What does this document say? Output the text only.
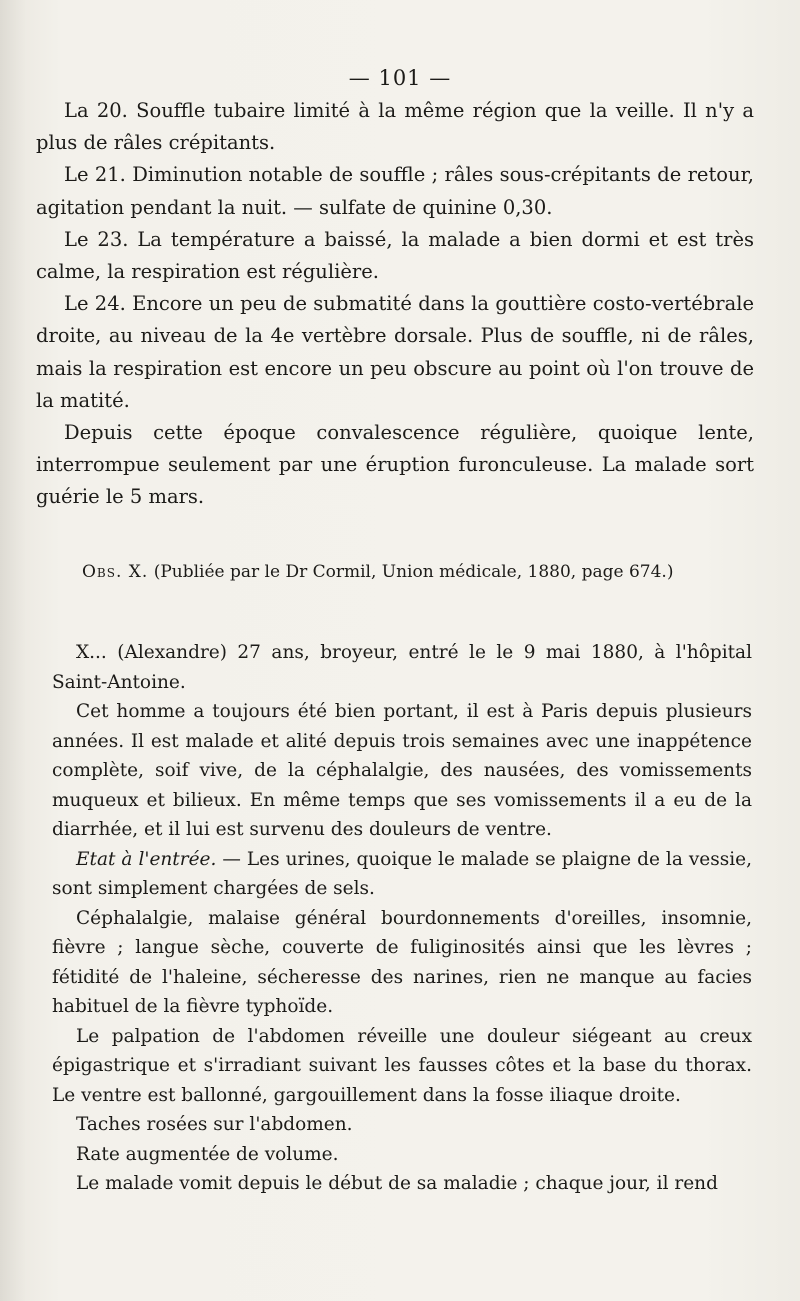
— 101 —

La 20. Souffle tubaire limité à la même région que la veille. Il n'y a plus de râles crépitants.

Le 21. Diminution notable de souffle ; râles sous-crépitants de retour, agitation pendant la nuit. — sulfate de quinine 0,30.

Le 23. La température a baissé, la malade a bien dormi et est très calme, la respiration est régulière.

Le 24. Encore un peu de submatité dans la gouttière costo-vertébrale droite, au niveau de la 4e vertèbre dorsale. Plus de souffle, ni de râles, mais la respiration est encore un peu obscure au point où l'on trouve de la matité.

Depuis cette époque convalescence régulière, quoique lente, interrompue seulement par une éruption furonculeuse. La malade sort guérie le 5 mars.

Obs. X. (Publiée par le Dr Cormil, Union médicale, 1880, page 674.)

X... (Alexandre) 27 ans, broyeur, entré le le 9 mai 1880, à l'hôpital Saint-Antoine.

Cet homme a toujours été bien portant, il est à Paris depuis plusieurs années. Il est malade et alité depuis trois semaines avec une inappétence complète, soif vive, de la céphalalgie, des nausées, des vomissements muqueux et bilieux. En même temps que ses vomissements il a eu de la diarrhée, et il lui est survenu des douleurs de ventre.

Etat à l'entrée. — Les urines, quoique le malade se plaigne de la vessie, sont simplement chargées de sels.

Céphalalgie, malaise général bourdonnements d'oreilles, insomnie, fièvre ; langue sèche, couverte de fuliginosités ainsi que les lèvres ; fétidité de l'haleine, sécheresse des narines, rien ne manque au facies habituel de la fièvre typhoïde.

Le palpation de l'abdomen réveille une douleur siégeant au creux épigastrique et s'irradiant suivant les fausses côtes et la base du thorax. Le ventre est ballonné, gargouillement dans la fosse iliaque droite.

Taches rosées sur l'abdomen.

Rate augmentée de volume.

Le malade vomit depuis le début de sa maladie ; chaque jour, il rend
